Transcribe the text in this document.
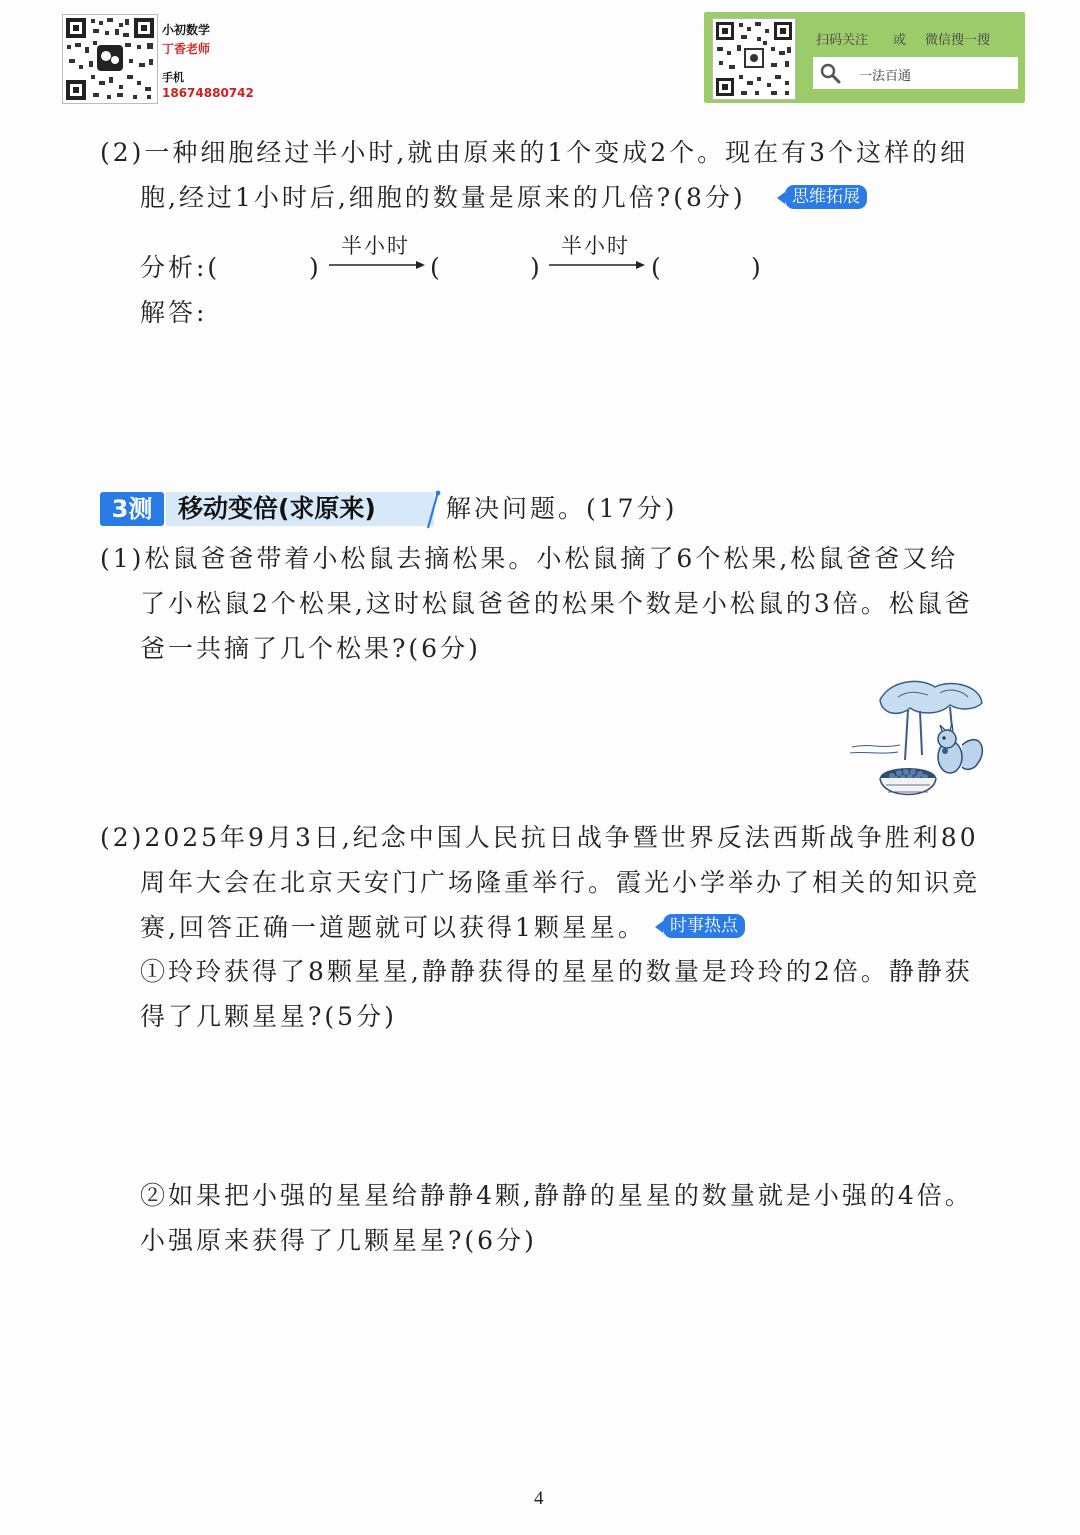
小初数学
丁香老师
手机
18674880742
扫码关注 或 微信搜一搜
一法百通
(2)一种细胞经过半小时,就由原来的1个变成2个。现在有3个这样的细
胞,经过1小时后,细胞的数量是原来的几倍?(8分)	思维拓展
分析:(	)
半小时
(	)
半小时
(	)
解答:
3测	移动变倍(求原来)	解决问题。(17分)
(1)松鼠爸爸带着小松鼠去摘松果。小松鼠摘了6个松果,松鼠爸爸又给
了小松鼠2个松果,这时松鼠爸爸的松果个数是小松鼠的3倍。松鼠爸
爸一共摘了几个松果?(6分)
(2)2025年9月3日,纪念中国人民抗日战争暨世界反法西斯战争胜利80
周年大会在北京天安门广场隆重举行。霞光小学举办了相关的知识竞
赛,回答正确一道题就可以获得1颗星星。	时事热点
①玲玲获得了8颗星星,静静获得的星星的数量是玲玲的2倍。静静获
得了几颗星星?(5分)
②如果把小强的星星给静静4颗,静静的星星的数量就是小强的4倍。
小强原来获得了几颗星星?(6分)
4
